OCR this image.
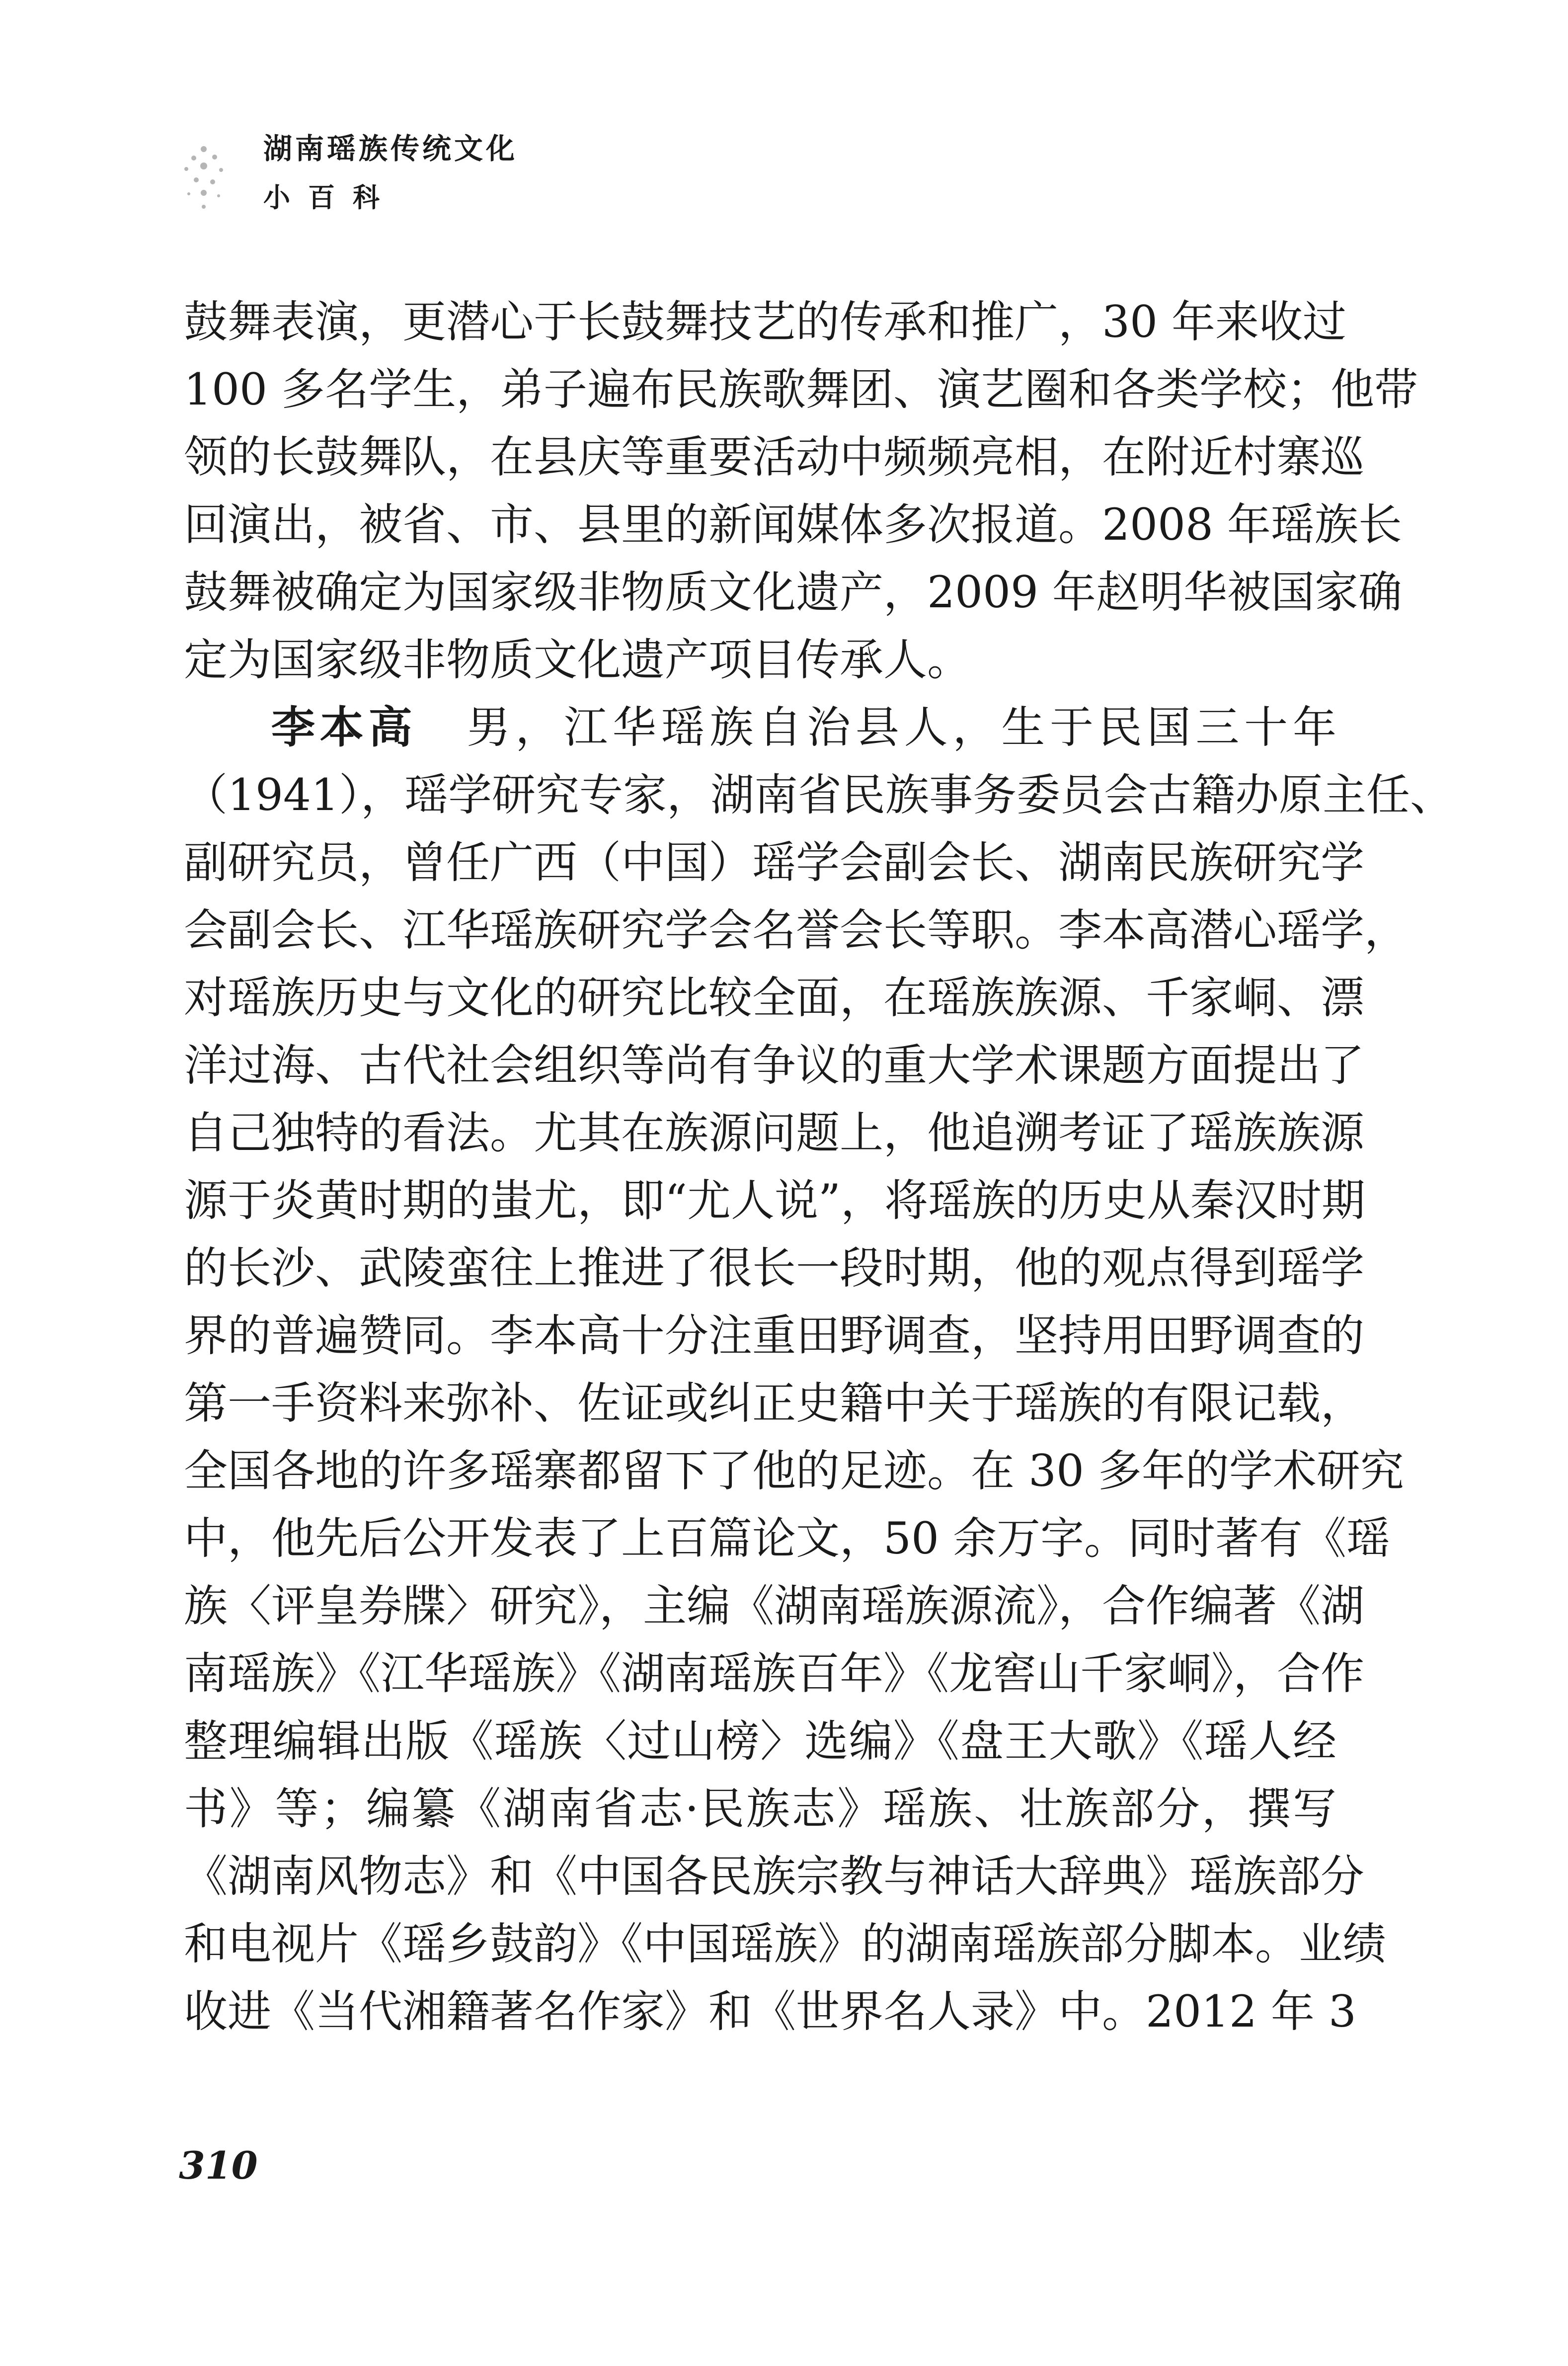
湖南瑶族传统文化
小百科
鼓舞表演，更潜心于长鼓舞技艺的传承和推广，30 年来收过
100 多名学生，弟子遍布民族歌舞团、演艺圈和各类学校；他带
领的长鼓舞队，在县庆等重要活动中频频亮相，在附近村寨巡
回演出，被省、市、县里的新闻媒体多次报道。2008 年瑶族长
鼓舞被确定为国家级非物质文化遗产，2009 年赵明华被国家确
定为国家级非物质文化遗产项目传承人。
李本高 男，江华瑶族自治县人，生于民国三十年
（1941），瑶学研究专家，湖南省民族事务委员会古籍办原主任、
副研究员，曾任广西（中国）瑶学会副会长、湖南民族研究学
会副会长、江华瑶族研究学会名誉会长等职。李本高潜心瑶学，
对瑶族历史与文化的研究比较全面，在瑶族族源、千家峒、漂
洋过海、古代社会组织等尚有争议的重大学术课题方面提出了
自己独特的看法。尤其在族源问题上，他追溯考证了瑶族族源
源于炎黄时期的蚩尤，即“尤人说”，将瑶族的历史从秦汉时期
的长沙、武陵蛮往上推进了很长一段时期，他的观点得到瑶学
界的普遍赞同。李本高十分注重田野调查，坚持用田野调查的
第一手资料来弥补、佐证或纠正史籍中关于瑶族的有限记载，
全国各地的许多瑶寨都留下了他的足迹。在 30 多年的学术研究
中，他先后公开发表了上百篇论文，50 余万字。同时著有《瑶
族〈评皇券牒〉研究》，主编《湖南瑶族源流》，合作编著《湖
南瑶族》《江华瑶族》《湖南瑶族百年》《龙窖山千家峒》，合作
整理编辑出版《瑶族〈过山榜〉选编》《盘王大歌》《瑶人经
书》等；编纂《湖南省志·民族志》瑶族、壮族部分，撰写
《湖南风物志》和《中国各民族宗教与神话大辞典》瑶族部分
和电视片《瑶乡鼓韵》《中国瑶族》的湖南瑶族部分脚本。业绩
收进《当代湘籍著名作家》和《世界名人录》中。2012 年 3
310
